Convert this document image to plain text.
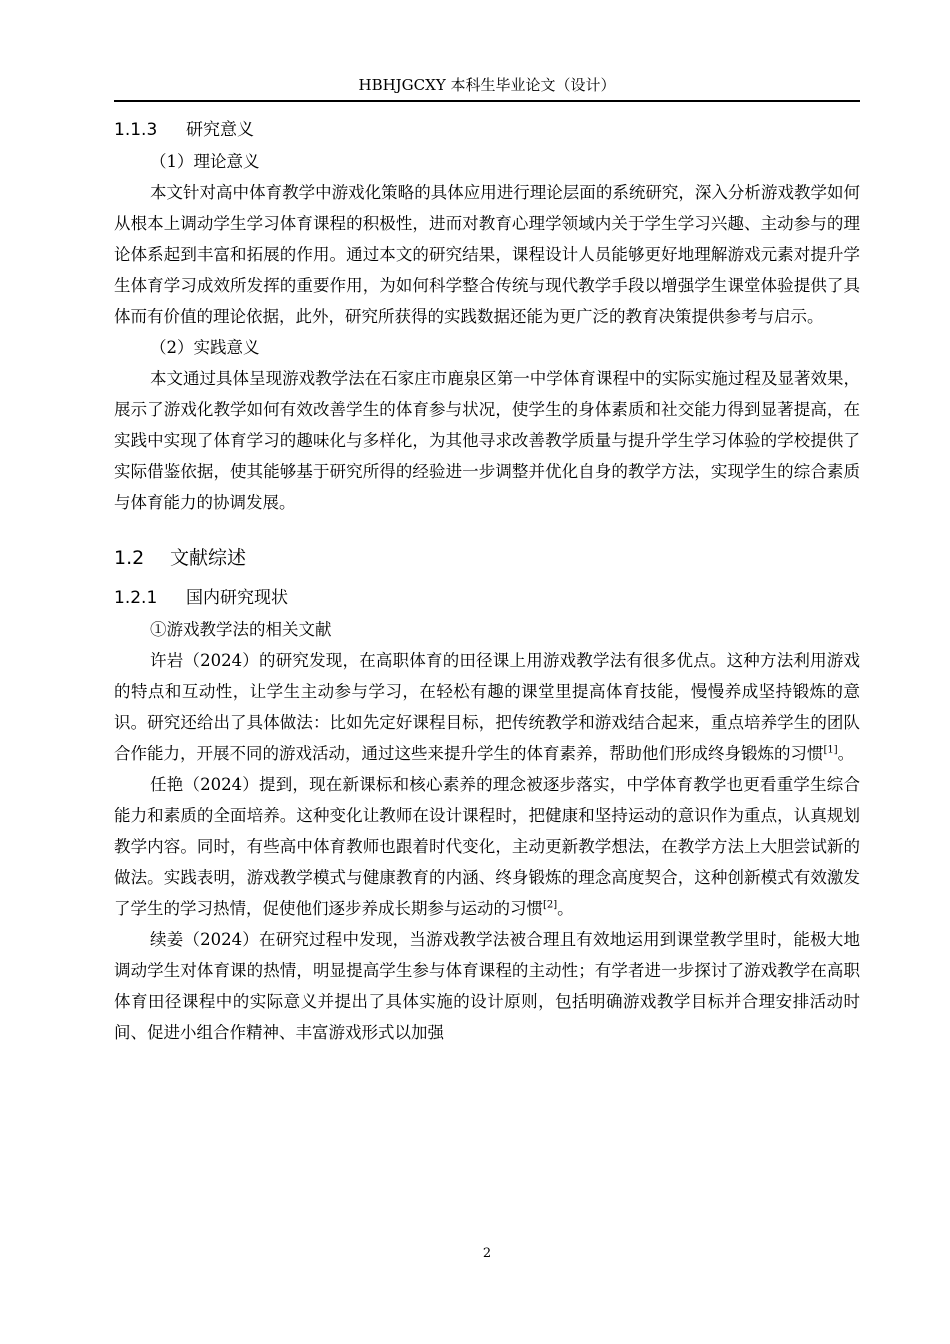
HBHJGCXY 本科生毕业论文（设计）

1.1.3 研究意义

（1）理论意义

本文针对高中体育教学中游戏化策略的具体应用进行理论层面的系统研究，深入分析游戏教学如何从根本上调动学生学习体育课程的积极性，进而对教育心理学领域内关于学生学习兴趣、主动参与的理论体系起到丰富和拓展的作用。通过本文的研究结果，课程设计人员能够更好地理解游戏元素对提升学生体育学习成效所发挥的重要作用，为如何科学整合传统与现代教学手段以增强学生课堂体验提供了具体而有价值的理论依据，此外，研究所获得的实践数据还能为更广泛的教育决策提供参考与启示。

（2）实践意义

本文通过具体呈现游戏教学法在石家庄市鹿泉区第一中学体育课程中的实际实施过程及显著效果，展示了游戏化教学如何有效改善学生的体育参与状况，使学生的身体素质和社交能力得到显著提高，在实践中实现了体育学习的趣味化与多样化，为其他寻求改善教学质量与提升学生学习体验的学校提供了实际借鉴依据，使其能够基于研究所得的经验进一步调整并优化自身的教学方法，实现学生的综合素质与体育能力的协调发展。

1.2 文献综述

1.2.1 国内研究现状

①游戏教学法的相关文献

许岩（2024）的研究发现，在高职体育的田径课上用游戏教学法有很多优点。这种方法利用游戏的特点和互动性，让学生主动参与学习，在轻松有趣的课堂里提高体育技能，慢慢养成坚持锻炼的意识。研究还给出了具体做法：比如先定好课程目标，把传统教学和游戏结合起来，重点培养学生的团队合作能力，开展不同的游戏活动，通过这些来提升学生的体育素养，帮助他们形成终身锻炼的习惯[1]。

任艳（2024）提到，现在新课标和核心素养的理念被逐步落实，中学体育教学也更看重学生综合能力和素质的全面培养。这种变化让教师在设计课程时，把健康和坚持运动的意识作为重点，认真规划教学内容。同时，有些高中体育教师也跟着时代变化，主动更新教学想法，在教学方法上大胆尝试新的做法。实践表明，游戏教学模式与健康教育的内涵、终身锻炼的理念高度契合，这种创新模式有效激发了学生的学习热情，促使他们逐步养成长期参与运动的习惯[2]。

续姜（2024）在研究过程中发现，当游戏教学法被合理且有效地运用到课堂教学里时，能极大地调动学生对体育课的热情，明显提高学生参与体育课程的主动性；有学者进一步探讨了游戏教学在高职体育田径课程中的实际意义并提出了具体实施的设计原则，包括明确游戏教学目标并合理安排活动时间、促进小组合作精神、丰富游戏形式以加强

2
